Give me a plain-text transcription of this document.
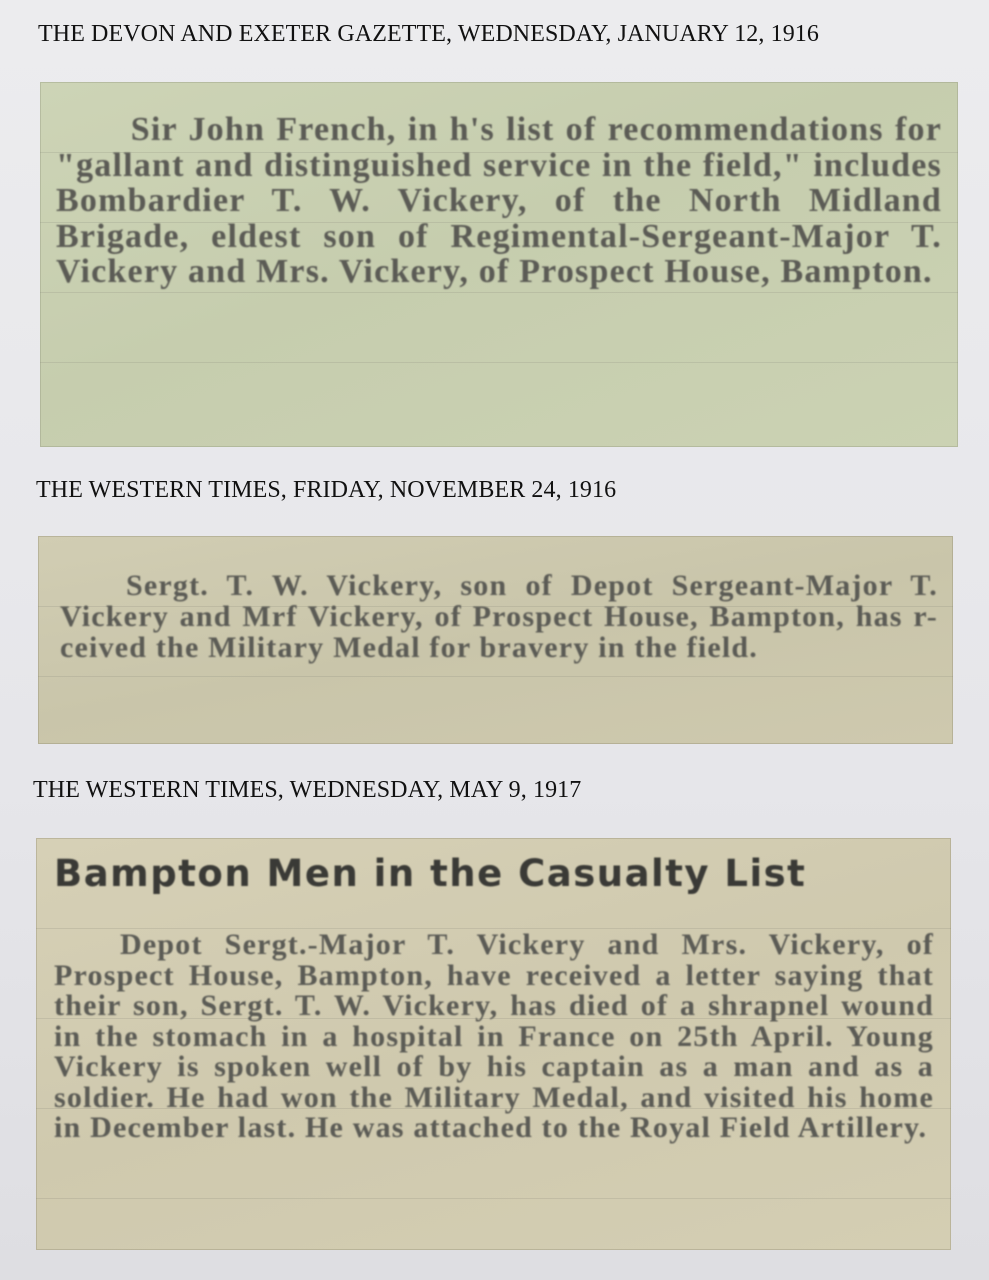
THE DEVON AND EXETER GAZETTE, WEDNESDAY, JANUARY 12, 1916

Sir John French, in h's list of recommendations for "gallant and distinguished service in the field," includes Bombardier T. W. Vickery, of the North Midland Brigade, eldest son of Regimental-Sergeant-Major T. Vickery and Mrs. Vickery, of Prospect House, Bampton.

THE WESTERN TIMES, FRIDAY, NOVEMBER 24, 1916

Sergt. T. W. Vickery, son of Depot Sergeant-Major T. Vickery and Mrf Vickery, of Prospect House, Bampton, has r-ceived the Military Medal for bravery in the field.

THE WESTERN TIMES, WEDNESDAY, MAY 9, 1917

Bampton Men in the Casualty List

Depot Sergt.-Major T. Vickery and Mrs. Vickery, of Prospect House, Bampton, have received a letter saying that their son, Sergt. T. W. Vickery, has died of a shrapnel wound in the stomach in a hospital in France on 25th April. Young Vickery is spoken well of by his captain as a man and as a soldier. He had won the Military Medal, and visited his home in December last. He was attached to the Royal Field Artillery.
